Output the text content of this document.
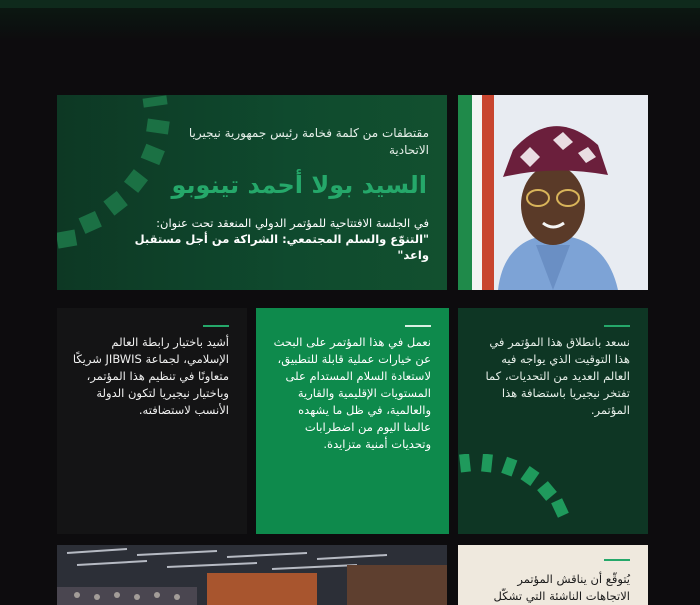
مقتطفات من كلمة فخامة رئيس جمهورية نيجيريا الاتحادية
السيد بولا أحمد تينوبو
في الجلسة الافتتاحية للمؤتمر الدولي المنعقد تحت عنوان:
"التنوّع والسلم المجتمعي: الشراكة من أجل مستقبل واعد"
أشيد باختيار رابطة العالم الإسلامي، لجماعة JIBWIS شريكًا متعاونًا في تنظيم هذا المؤتمر، وباختيار نيجيريا لتكون الدولة الأنسب لاستضافته.
نعمل في هذا المؤتمر على البحث عن خيارات عملية قابلة للتطبيق، لاستعادة السلام المستدام على المستويات الإقليمية والقارية والعالمية، في ظل ما يشهده عالمنا اليوم من اضطرابات وتحديات أمنية متزايدة.
نسعد بانطلاق هذا المؤتمر في هذا التوقيت الذي يواجه فيه العالم العديد من التحديات، كما تفتخر نيجيريا باستضافة هذا المؤتمر.
يُتوقّع أن يناقش المؤتمر الاتجاهات الناشئة التي تشكّل
